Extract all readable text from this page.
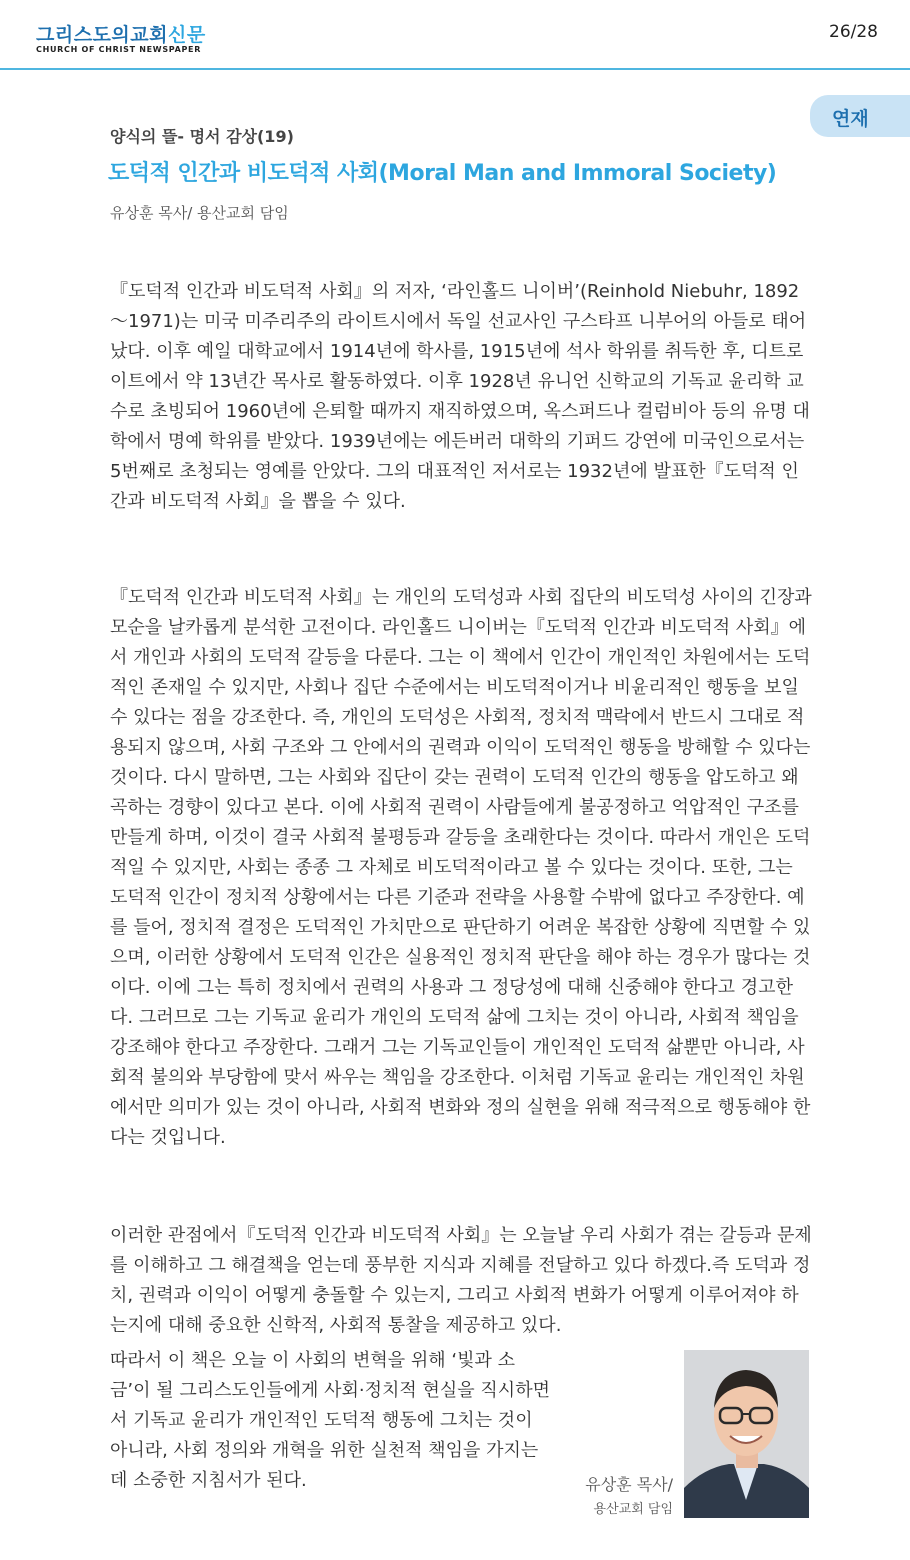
그리스도의교회신문
CHURCH OF CHRIST NEWSPAPER
26/28
연재
양식의 뜰- 명서 감상(19)
도덕적 인간과 비도덕적 사회(Moral Man and Immoral Society)
유상훈 목사/ 용산교회 담임

『도덕적 인간과 비도덕적 사회』의 저자, ‘라인홀드 니이버’(Reinhold Niebuhr, 1892～1971)는 미국 미주리주의 라이트시에서 독일 선교사인 구스타프 니부어의 아들로 태어났다. 이후 예일 대학교에서 1914년에 학사를, 1915년에 석사 학위를 취득한 후, 디트로이트에서 약 13년간 목사로 활동하였다. 이후 1928년 유니언 신학교의 기독교 윤리학 교수로 초빙되어 1960년에 은퇴할 때까지 재직하였으며, 옥스퍼드나 컬럼비아 등의 유명 대학에서 명예 학위를 받았다. 1939년에는 에든버러 대학의 기퍼드 강연에 미국인으로서는 5번째로 초청되는 영예를 안았다. 그의 대표적인 저서로는 1932년에 발표한『도덕적 인간과 비도덕적 사회』을 뽑을 수 있다.

『도덕적 인간과 비도덕적 사회』는 개인의 도덕성과 사회 집단의 비도덕성 사이의 긴장과 모순을 날카롭게 분석한 고전이다. 라인홀드 니이버는『도덕적 인간과 비도덕적 사회』에서 개인과 사회의 도덕적 갈등을 다룬다. 그는 이 책에서 인간이 개인적인 차원에서는 도덕적인 존재일 수 있지만, 사회나 집단 수준에서는 비도덕적이거나 비윤리적인 행동을 보일 수 있다는 점을 강조한다. 즉, 개인의 도덕성은 사회적, 정치적 맥락에서 반드시 그대로 적용되지 않으며, 사회 구조와 그 안에서의 권력과 이익이 도덕적인 행동을 방해할 수 있다는 것이다. 다시 말하면, 그는 사회와 집단이 갖는 권력이 도덕적 인간의 행동을 압도하고 왜곡하는 경향이 있다고 본다. 이에 사회적 권력이 사람들에게 불공정하고 억압적인 구조를 만들게 하며, 이것이 결국 사회적 불평등과 갈등을 초래한다는 것이다. 따라서 개인은 도덕적일 수 있지만, 사회는 종종 그 자체로 비도덕적이라고 볼 수 있다는 것이다. 또한, 그는 도덕적 인간이 정치적 상황에서는 다른 기준과 전략을 사용할 수밖에 없다고 주장한다. 예를 들어, 정치적 결정은 도덕적인 가치만으로 판단하기 어려운 복잡한 상황에 직면할 수 있으며, 이러한 상황에서 도덕적 인간은 실용적인 정치적 판단을 해야 하는 경우가 많다는 것이다. 이에 그는 특히 정치에서 권력의 사용과 그 정당성에 대해 신중해야 한다고 경고한다. 그러므로 그는 기독교 윤리가 개인의 도덕적 삶에 그치는 것이 아니라, 사회적 책임을 강조해야 한다고 주장한다. 그래거 그는 기독교인들이 개인적인 도덕적 삶뿐만 아니라, 사회적 불의와 부당함에 맞서 싸우는 책임을 강조한다. 이처럼 기독교 윤리는 개인적인 차원에서만 의미가 있는 것이 아니라, 사회적 변화와 정의 실현을 위해 적극적으로 행동해야 한다는 것입니다.

이러한 관점에서『도덕적 인간과 비도덕적 사회』는 오늘날 우리 사회가 겪는 갈등과 문제를 이해하고 그 해결책을 얻는데 풍부한 지식과 지혜를 전달하고 있다 하겠다.즉 도덕과 정치, 권력과 이익이 어떻게 충돌할 수 있는지, 그리고 사회적 변화가 어떻게 이루어져야 하는지에 대해 중요한 신학적, 사회적 통찰을 제공하고 있다.

따라서 이 책은 오늘 이 사회의 변혁을 위해 ‘빛과 소금’이 될 그리스도인들에게 사회·정치적 현실을 직시하면서 기독교 윤리가 개인적인 도덕적 행동에 그치는 것이 아니라, 사회 정의와 개혁을 위한 실천적 책임을 가지는데 소중한 지침서가 된다.	유상훈 목사/
용산교회 담임
